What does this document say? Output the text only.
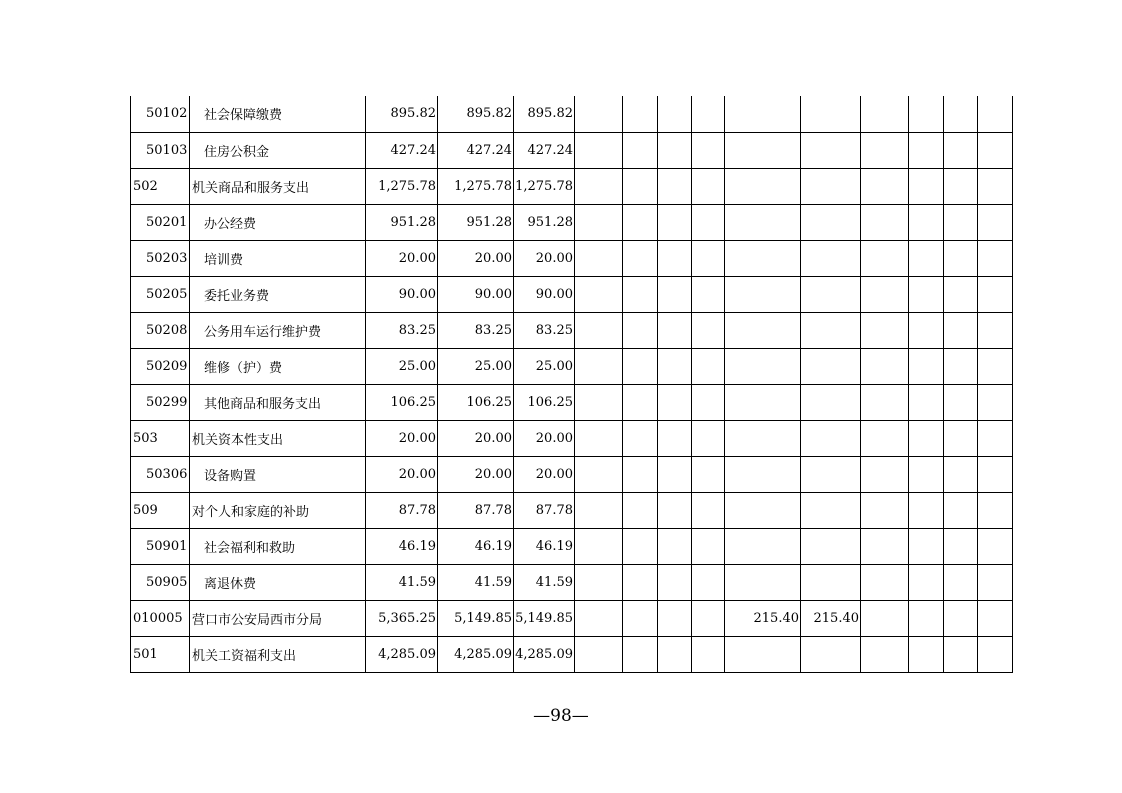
50102	社会保障缴费	895.82	895.82	895.82										
50103	住房公积金	427.24	427.24	427.24										
502	机关商品和服务支出	1,275.78	1,275.78	1,275.78										
50201	办公经费	951.28	951.28	951.28										
50203	培训费	20.00	20.00	20.00										
50205	委托业务费	90.00	90.00	90.00										
50208	公务用车运行维护费	83.25	83.25	83.25										
50209	维修（护）费	25.00	25.00	25.00										
50299	其他商品和服务支出	106.25	106.25	106.25										
503	机关资本性支出	20.00	20.00	20.00										
50306	设备购置	20.00	20.00	20.00										
509	对个人和家庭的补助	87.78	87.78	87.78										
50901	社会福利和救助	46.19	46.19	46.19										
50905	离退休费	41.59	41.59	41.59										
010005	营口市公安局西市分局	5,365.25	5,149.85	5,149.85					215.40	215.40				
501	机关工资福利支出	4,285.09	4,285.09	4,285.09										
—98—
